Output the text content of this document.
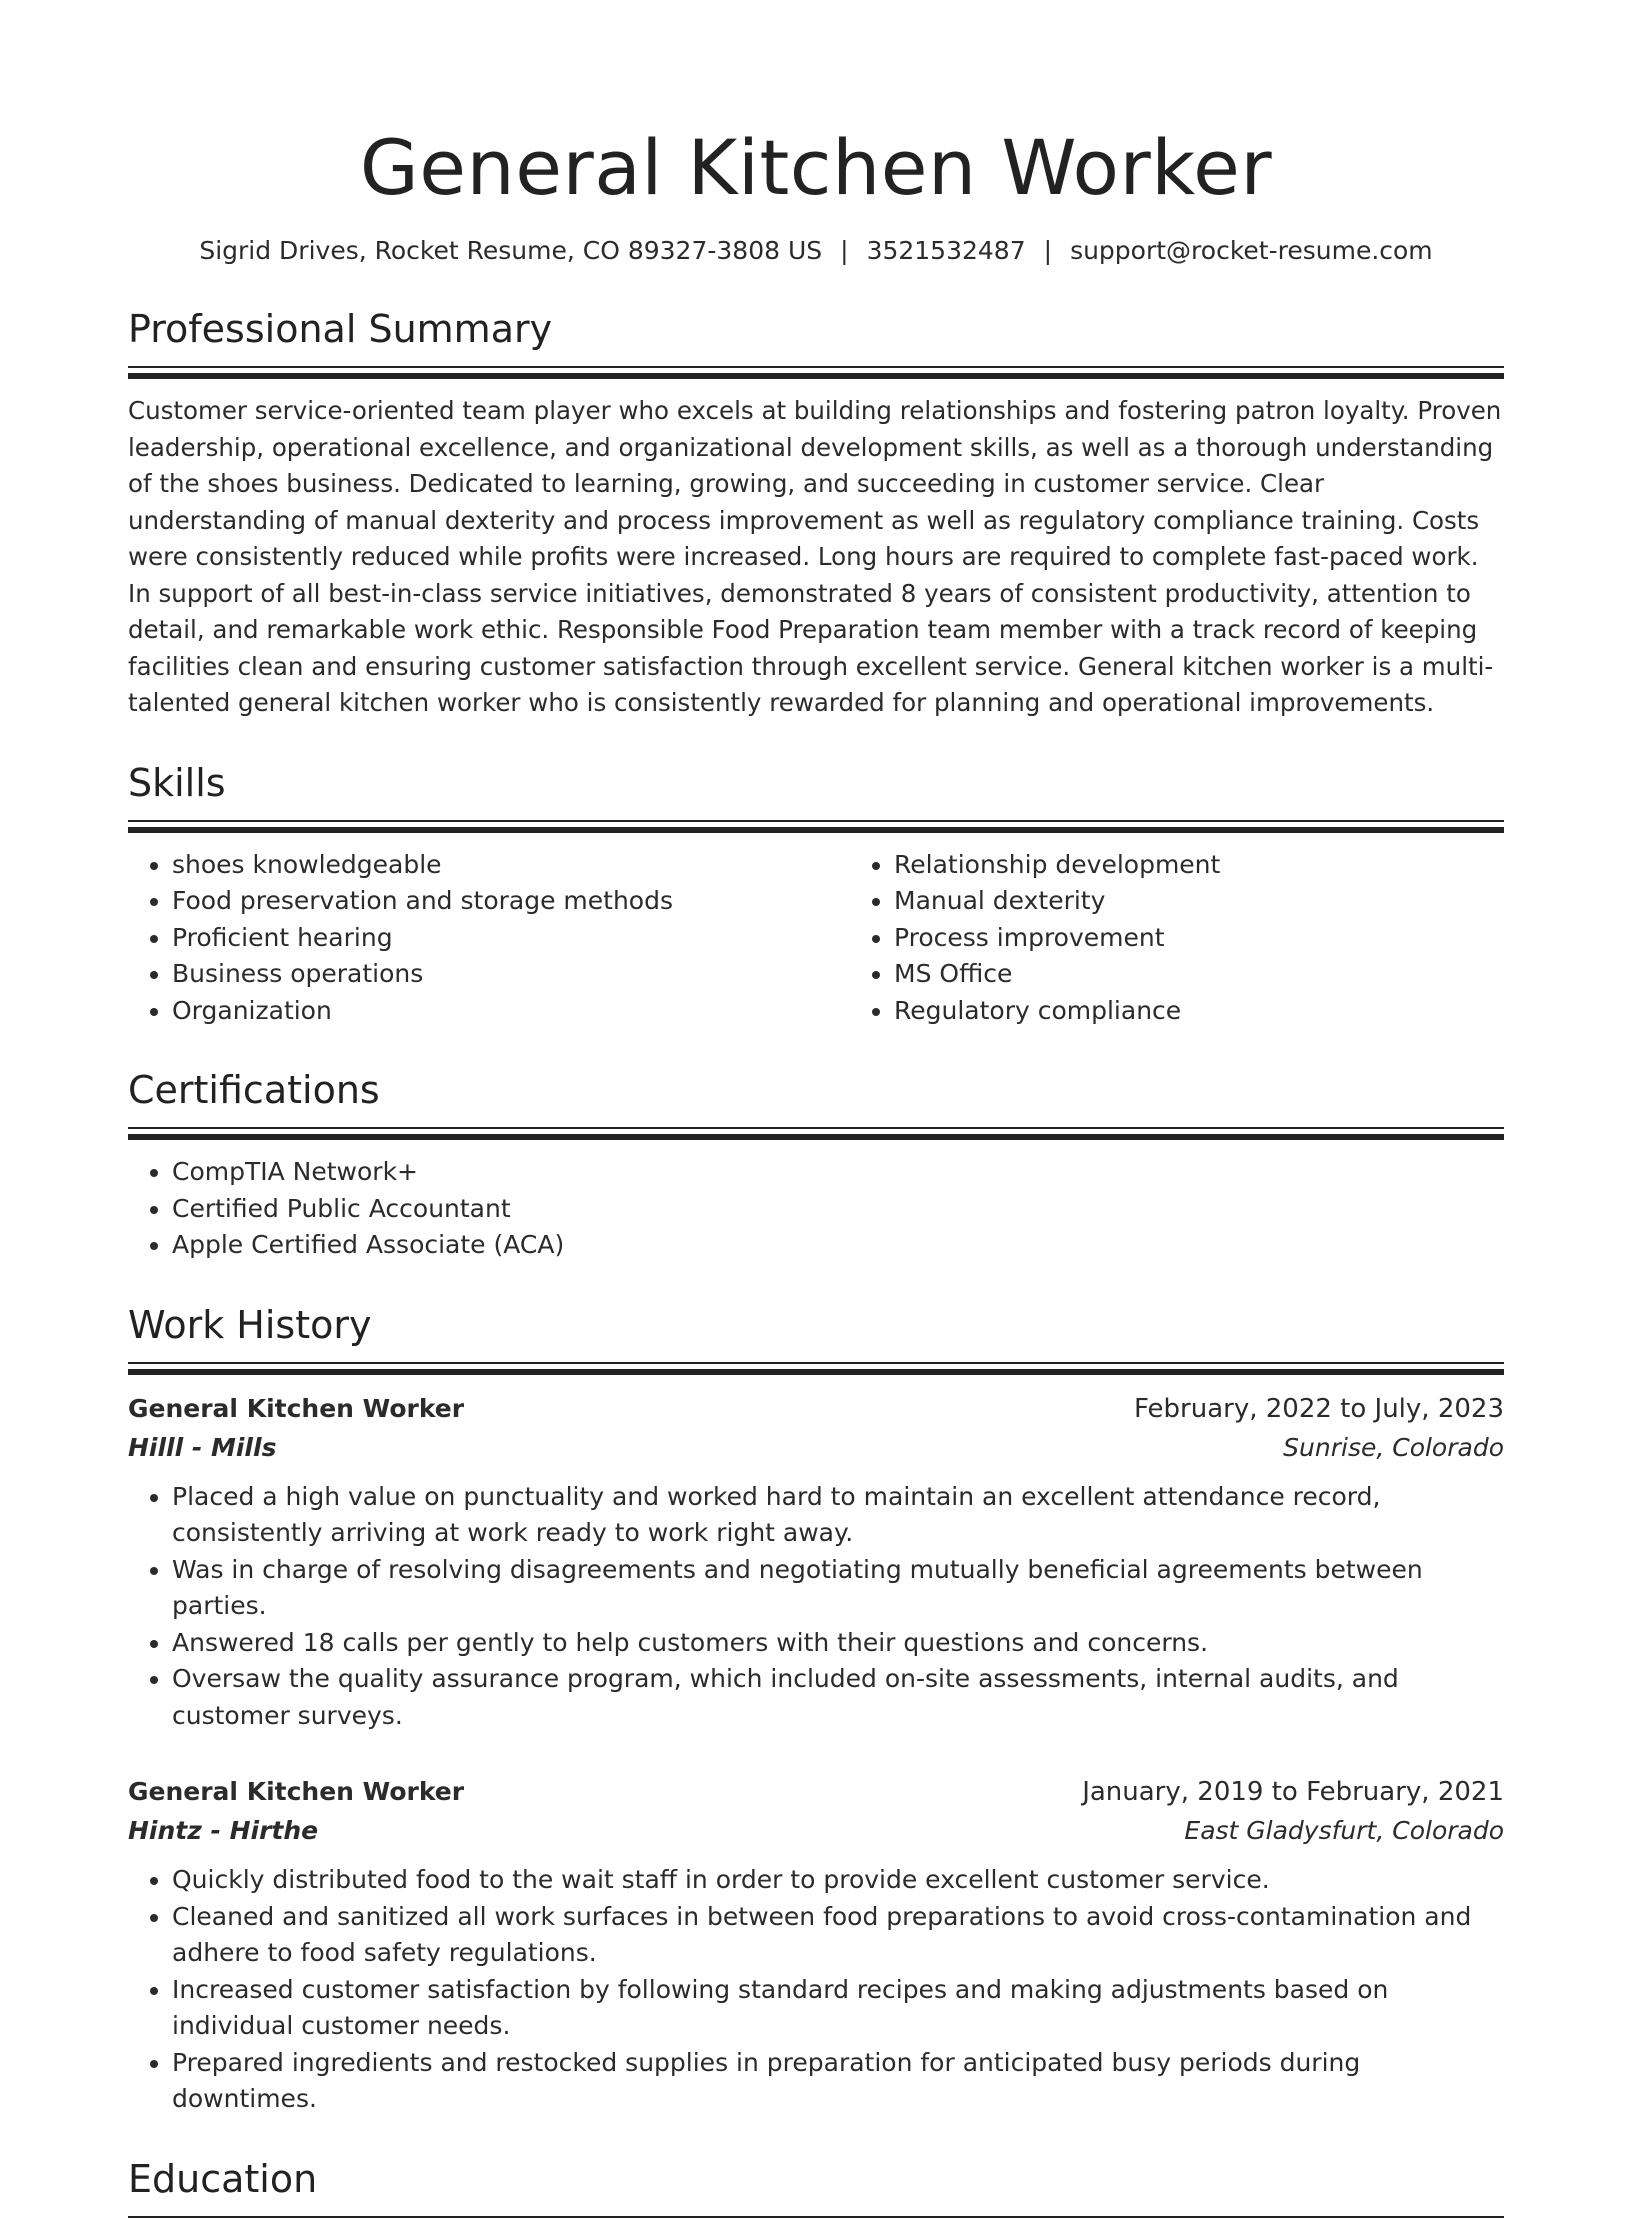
General Kitchen Worker
Sigrid Drives, Rocket Resume, CO 89327-3808 US | 3521532487 | support@rocket-resume.com
Professional Summary

Customer service-oriented team player who excels at building relationships and fostering patron loyalty. Proven leadership, operational excellence, and organizational development skills, as well as a thorough understanding of the shoes business. Dedicated to learning, growing, and succeeding in customer service. Clear understanding of manual dexterity and process improvement as well as regulatory compliance training. Costs were consistently reduced while profits were increased. Long hours are required to complete fast-paced work. In support of all best-in-class service initiatives, demonstrated 8 years of consistent productivity, attention to detail, and remarkable work ethic. Responsible Food Preparation team member with a track record of keeping facilities clean and ensuring customer satisfaction through excellent service. General kitchen worker is a multi-talented general kitchen worker who is consistently rewarded for planning and operational improvements.

Skills
• shoes knowledgeable
• Food preservation and storage methods
• Proficient hearing
• Business operations
• Organization
• Relationship development
• Manual dexterity
• Process improvement
• MS Office
• Regulatory compliance
Certifications
• CompTIA Network+
• Certified Public Accountant
• Apple Certified Associate (ACA)
Work History
General Kitchen Worker	February, 2022 to July, 2023
Hilll - Mills	Sunrise, Colorado
• Placed a high value on punctuality and worked hard to maintain an excellent attendance record, consistently arriving at work ready to work right away.
• Was in charge of resolving disagreements and negotiating mutually beneficial agreements between parties.
• Answered 18 calls per gently to help customers with their questions and concerns.
• Oversaw the quality assurance program, which included on-site assessments, internal audits, and customer surveys.
General Kitchen Worker	January, 2019 to February, 2021
Hintz - Hirthe	East Gladysfurt, Colorado
• Quickly distributed food to the wait staff in order to provide excellent customer service.
• Cleaned and sanitized all work surfaces in between food preparations to avoid cross-contamination and adhere to food safety regulations.
• Increased customer satisfaction by following standard recipes and making adjustments based on individual customer needs.
• Prepared ingredients and restocked supplies in preparation for anticipated busy periods during downtimes.
Education
